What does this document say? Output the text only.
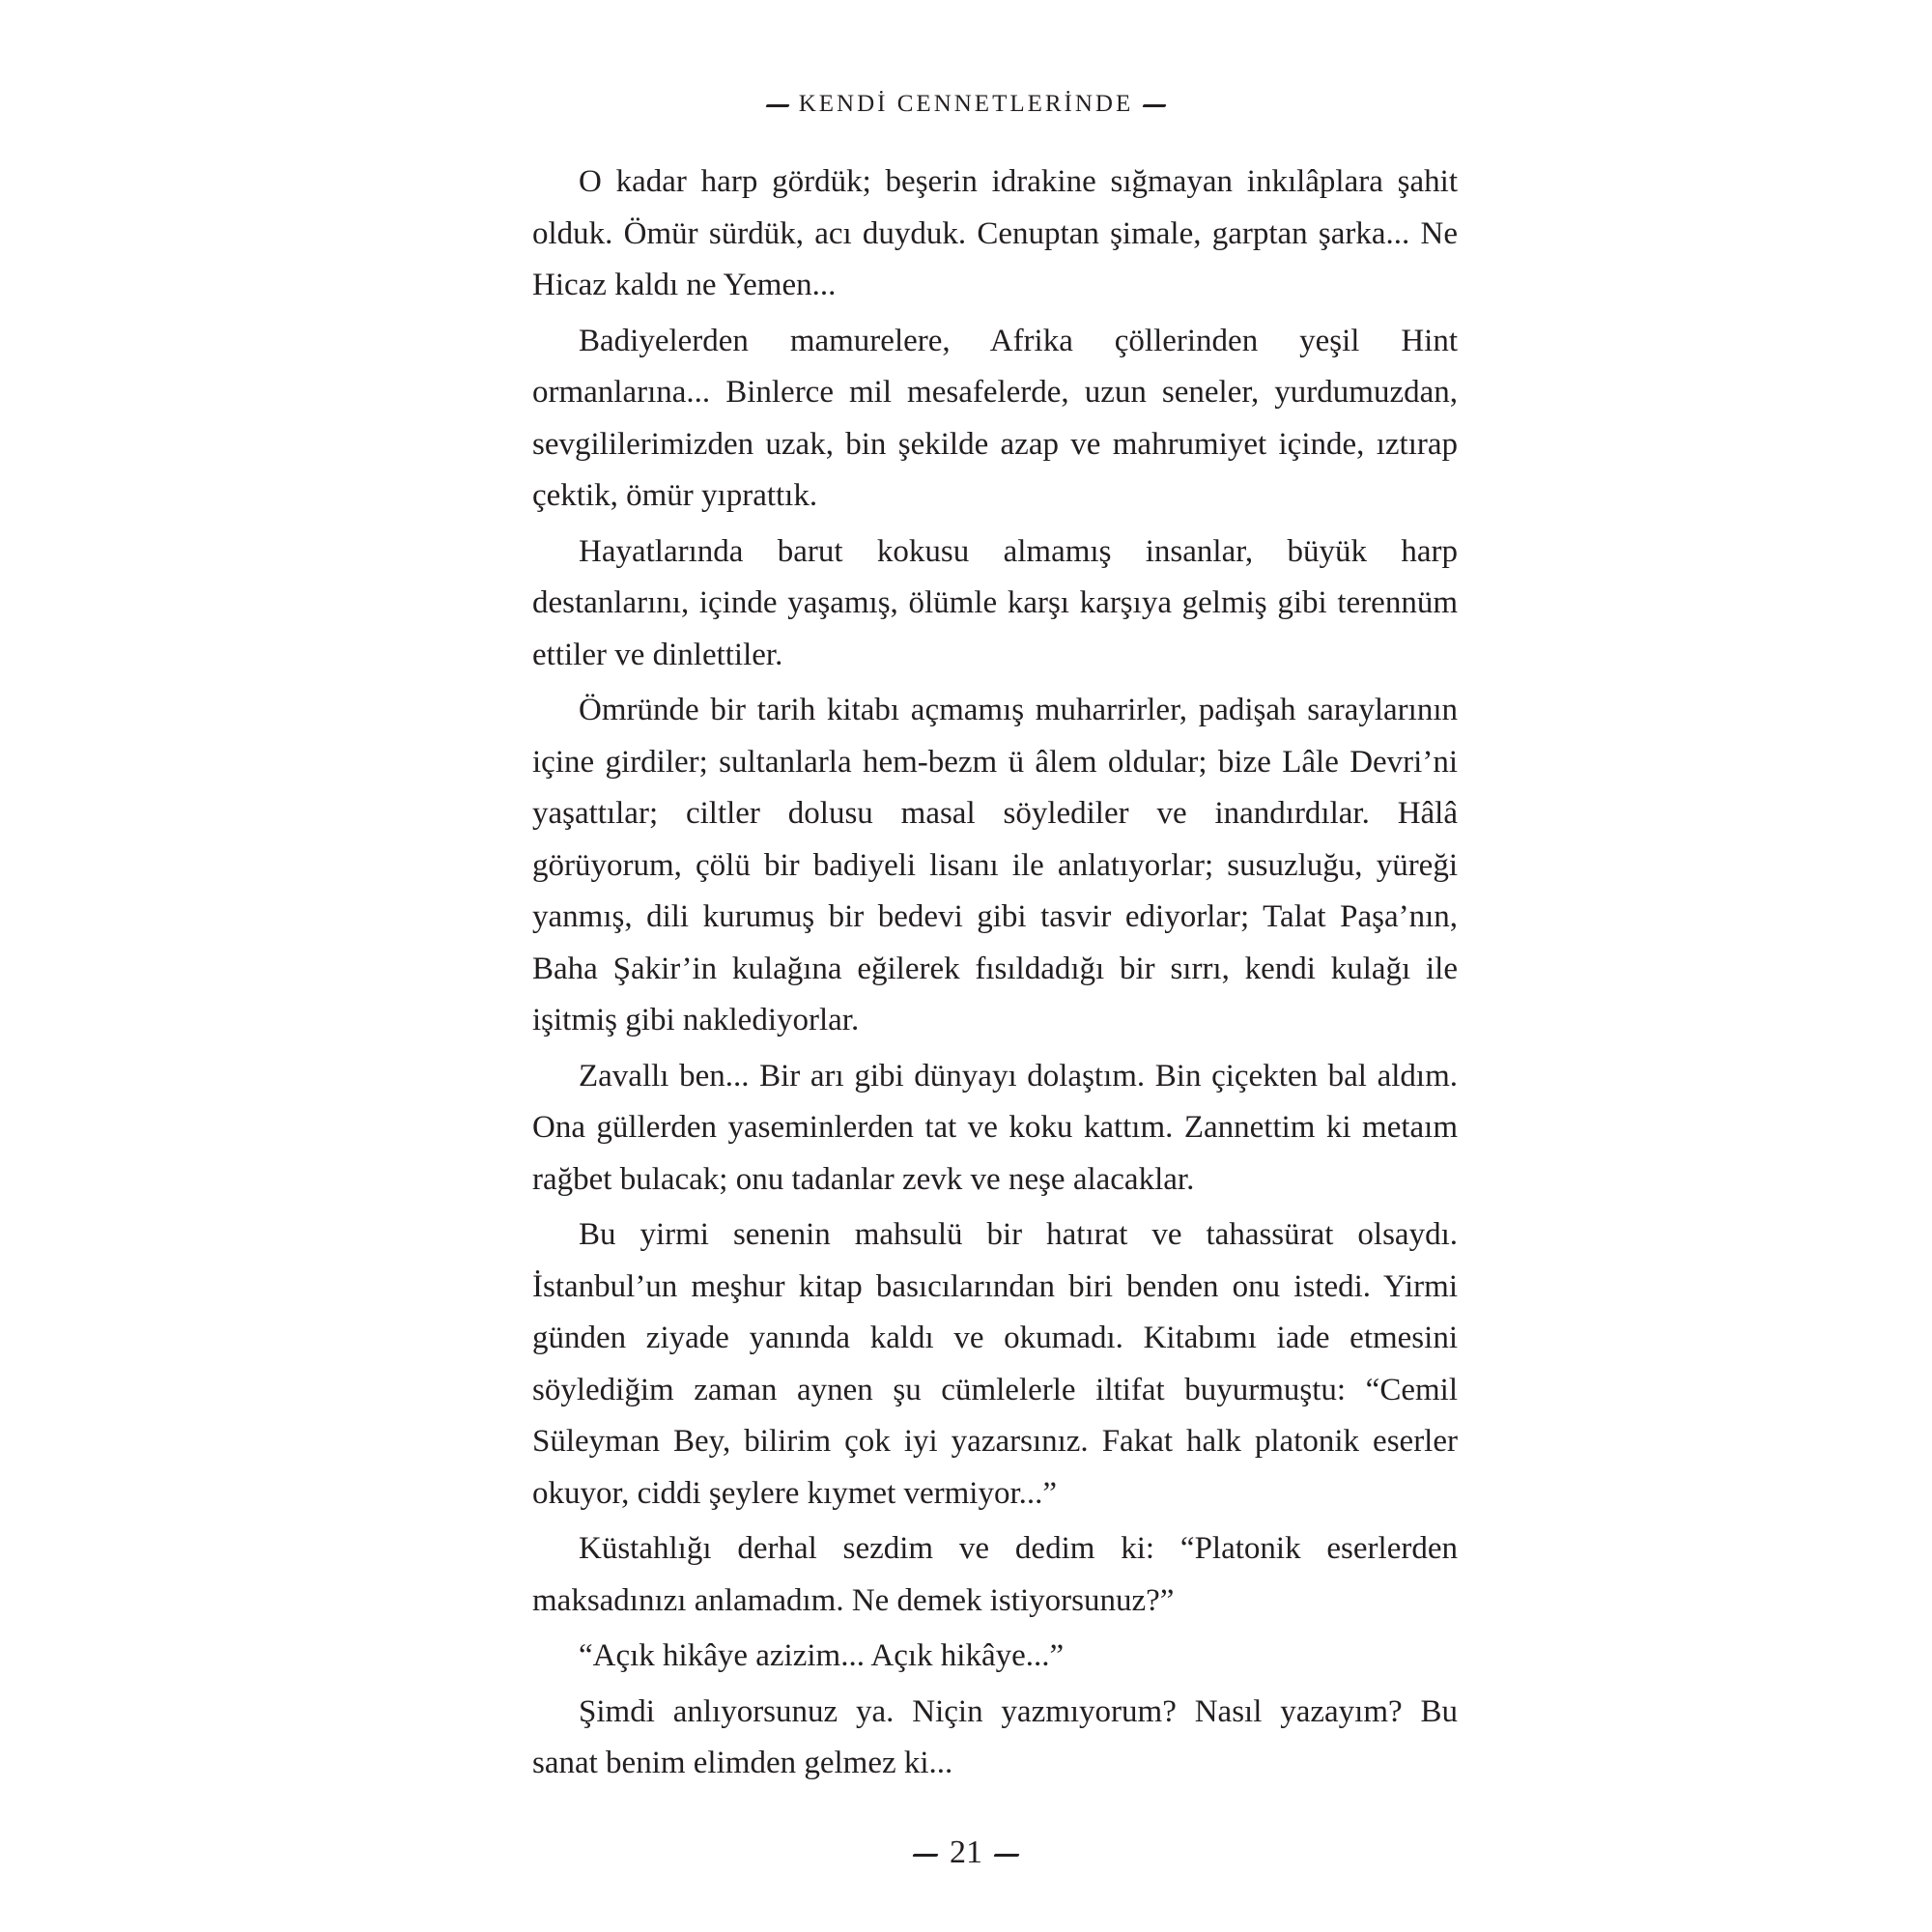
KENDİ CENNETLERİNDE

O kadar harp gördük; beşerin idrakine sığmayan inkılâplara şahit olduk. Ömür sürdük, acı duyduk. Cenuptan şimale, garptan şarka... Ne Hicaz kaldı ne Yemen...

Badiyelerden mamurelere, Afrika çöllerinden yeşil Hint ormanlarına... Binlerce mil mesafelerde, uzun seneler, yurdumuzdan, sevgililerimizden uzak, bin şekilde azap ve mahrumiyet içinde, ıztırap çektik, ömür yıprattık.

Hayatlarında barut kokusu almamış insanlar, büyük harp destanlarını, içinde yaşamış, ölümle karşı karşıya gelmiş gibi terennüm ettiler ve dinlettiler.

Ömründe bir tarih kitabı açmamış muharrirler, padişah saraylarının içine girdiler; sultanlarla hem-bezm ü âlem oldular; bize Lâle Devri’ni yaşattılar; ciltler dolusu masal söylediler ve inandırdılar. Hâlâ görüyorum, çölü bir badiyeli lisanı ile anlatıyorlar; susuzluğu, yüreği yanmış, dili kurumuş bir bedevi gibi tasvir ediyorlar; Talat Paşa’nın, Baha Şakir’in kulağına eğilerek fısıldadığı bir sırrı, kendi kulağı ile işitmiş gibi naklediyorlar.

Zavallı ben... Bir arı gibi dünyayı dolaştım. Bin çiçekten bal aldım. Ona güllerden yaseminlerden tat ve koku kattım. Zannettim ki metaım rağbet bulacak; onu tadanlar zevk ve neşe alacaklar.

Bu yirmi senenin mahsulü bir hatırat ve tahassürat olsaydı. İstanbul’un meşhur kitap basıcılarından biri benden onu istedi. Yirmi günden ziyade yanında kaldı ve okumadı. Kitabımı iade etmesini söylediğim zaman aynen şu cümlelerle iltifat buyurmuştu: “Cemil Süleyman Bey, bilirim çok iyi yazarsınız. Fakat halk platonik eserler okuyor, ciddi şeylere kıymet vermiyor...”

Küstahlığı derhal sezdim ve dedim ki: “Platonik eserlerden maksadınızı anlamadım. Ne demek istiyorsunuz?”

“Açık hikâye azizim... Açık hikâye...”

Şimdi anlıyorsunuz ya. Niçin yazmıyorum? Nasıl yazayım? Bu sanat benim elimden gelmez ki...

21
